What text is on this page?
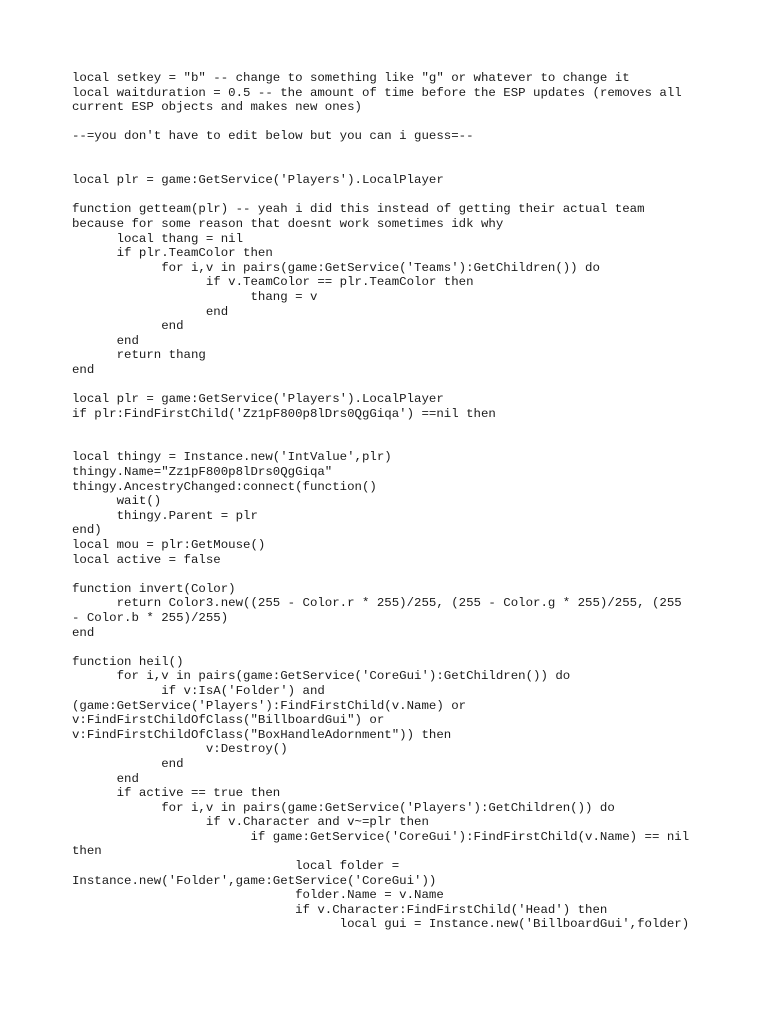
local setkey = "b" -- change to something like "g" or whatever to change it
local waitduration = 0.5 -- the amount of time before the ESP updates (removes all
current ESP objects and makes new ones)
--=you don't have to edit below but you can i guess=--
local plr = game:GetService('Players').LocalPlayer
function getteam(plr) -- yeah i did this instead of getting their actual team
because for some reason that doesnt work sometimes idk why
local thang = nil
if plr.TeamColor then
for i,v in pairs(game:GetService('Teams'):GetChildren()) do
if v.TeamColor == plr.TeamColor then
thang = v
end
end
end
return thang
end
local plr = game:GetService('Players').LocalPlayer
if plr:FindFirstChild('Zz1pF800p8lDrs0QgGiqa') ==nil then
local thingy = Instance.new('IntValue',plr)
thingy.Name="Zz1pF800p8lDrs0QgGiqa"
thingy.AncestryChanged:connect(function()
wait()
thingy.Parent = plr
end)
local mou = plr:GetMouse()
local active = false
function invert(Color)
return Color3.new((255 - Color.r * 255)/255, (255 - Color.g * 255)/255, (255
- Color.b * 255)/255)
end
function heil()
for i,v in pairs(game:GetService('CoreGui'):GetChildren()) do
if v:IsA('Folder') and
(game:GetService('Players'):FindFirstChild(v.Name) or
v:FindFirstChildOfClass("BillboardGui") or
v:FindFirstChildOfClass("BoxHandleAdornment")) then
v:Destroy()
end
end
if active == true then
for i,v in pairs(game:GetService('Players'):GetChildren()) do
if v.Character and v~=plr then
if game:GetService('CoreGui'):FindFirstChild(v.Name) == nil
then
local folder =
Instance.new('Folder',game:GetService('CoreGui'))
folder.Name = v.Name
if v.Character:FindFirstChild('Head') then
local gui = Instance.new('BillboardGui',folder)
